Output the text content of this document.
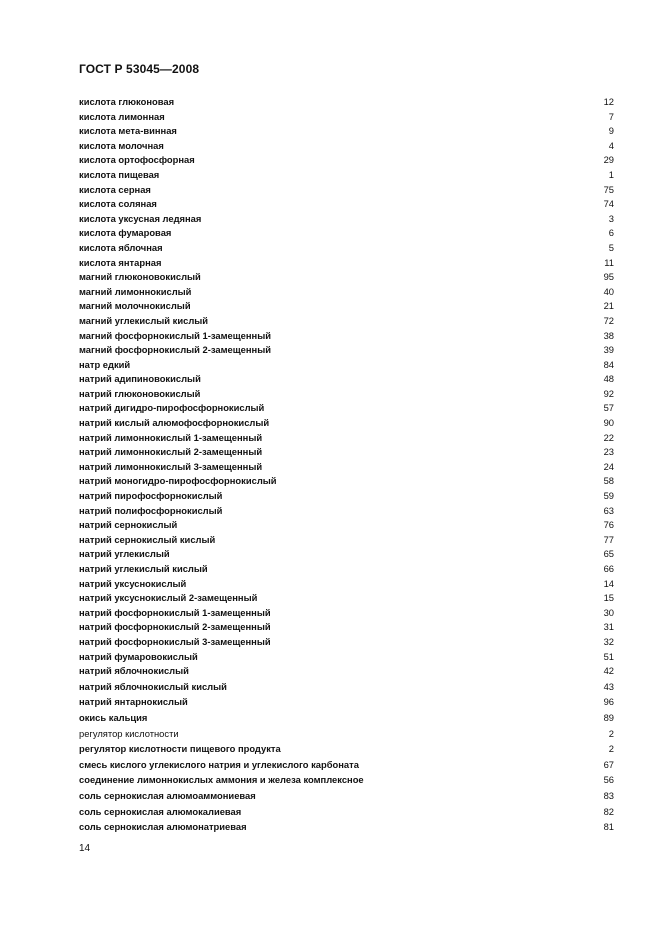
ГОСТ Р 53045—2008
кислота глюконовая	12
кислота лимонная	7
кислота мета-винная	9
кислота молочная	4
кислота ортофосфорная	29
кислота пищевая	1
кислота серная	75
кислота соляная	74
кислота уксусная ледяная	3
кислота фумаровая	6
кислота яблочная	5
кислота янтарная	11
магний глюконовокислый	95
магний лимоннокислый	40
магний молочнокислый	21
магний углекислый кислый	72
магний фосфорнокислый 1-замещенный	38
магний фосфорнокислый 2-замещенный	39
натр едкий	84
натрий адипиновокислый	48
натрий глюконовокислый	92
натрий дигидро-пирофосфорнокислый	57
натрий кислый алюмофосфорнокислый	90
натрий лимоннокислый 1-замещенный	22
натрий лимоннокислый 2-замещенный	23
натрий лимоннокислый 3-замещенный	24
натрий моногидро-пирофосфорнокислый	58
натрий пирофосфорнокислый	59
натрий полифосфорнокислый	63
натрий сернокислый	76
натрий сернокислый кислый	77
натрий углекислый	65
натрий углекислый кислый	66
натрий уксуснокислый	14
натрий уксуснокислый 2-замещенный	15
натрий фосфорнокислый 1-замещенный	30
натрий фосфорнокислый 2-замещенный	31
натрий фосфорнокислый 3-замещенный	32
натрий фумаровокислый	51
натрий яблочнокислый	42
натрий яблочнокислый кислый	43
натрий янтарнокислый	96
окись кальция	89
регулятор кислотности	2
регулятор кислотности пищевого продукта	2
смесь кислого углекислого натрия и углекислого карбоната	67
соединение лимоннокислых аммония и железа комплексное	56
соль сернокислая алюмоаммониевая	83
соль сернокислая алюмокалиевая	82
соль сернокислая алюмонатриевая	81
14
